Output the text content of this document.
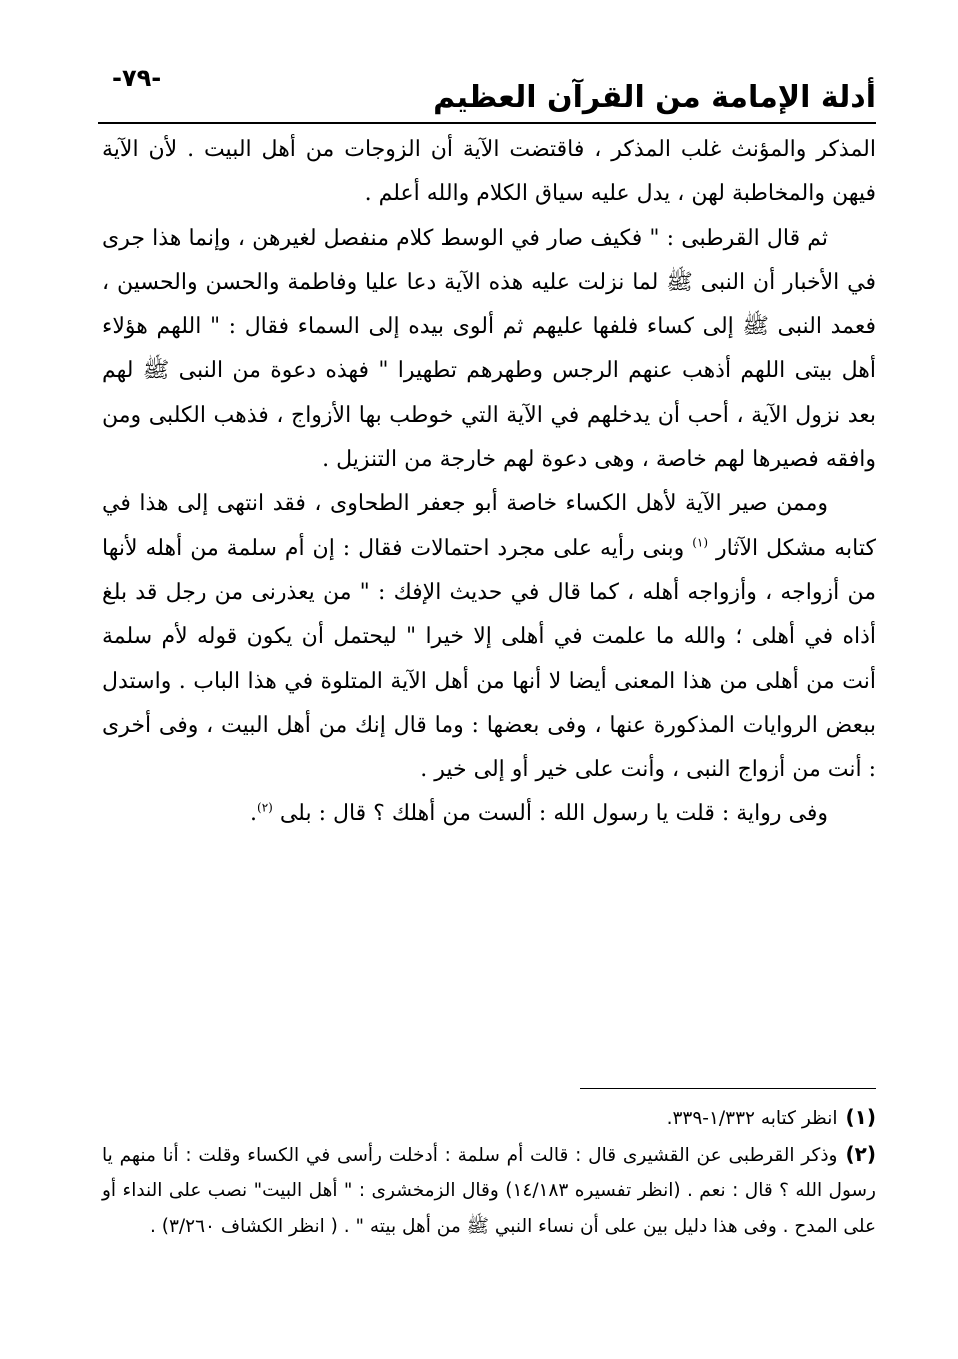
-٧٩-
أدلة الإمامة من القرآن العظيم

المذكر والمؤنث غلب المذكر ، فاقتضت الآية أن الزوجات من أهل البيت . لأن الآية فيهن والمخاطبة لهن ، يدل عليه سياق الكلام والله أعلم .

ثم قال القرطبى : " فكيف صار في الوسط كلام منفصل لغيرهن ، وإنما هذا جرى في الأخبار أن النبى ﷺ لما نزلت عليه هذه الآية دعا عليا وفاطمة والحسن والحسين ، فعمد النبى ﷺ إلى كساء فلفها عليهم ثم ألوى بيده إلى السماء فقال : " اللهم هؤلاء أهل بيتى اللهم أذهب عنهم الرجس وطهرهم تطهيرا " فهذه دعوة من النبى ﷺ لهم بعد نزول الآية ، أحب أن يدخلهم في الآية التي خوطب بها الأزواج ، فذهب الكلبى ومن وافقه فصيرها لهم خاصة ، وهى دعوة لهم خارجة من التنزيل .

وممن صير الآية لأهل الكساء خاصة أبو جعفر الطحاوى ، فقد انتهى إلى هذا في كتابه مشكل الآثار $^{(١)}$ وبنى رأيه على مجرد احتمالات فقال : إن أم سلمة من أهله لأنها من أزواجه ، وأزواجه أهله ، كما قال في حديث الإفك : " من يعذرنى من رجل قد بلغ أذاه في أهلى ؛ والله ما علمت في أهلى إلا خيرا " ليحتمل أن يكون قوله لأم سلمة أنت من أهلى من هذا المعنى أيضا لا أنها من أهل الآية المتلوة في هذا الباب . واستدل ببعض الروايات المذكورة عنها ، وفى بعضها : وما قال إنك من أهل البيت ، وفى أخرى : أنت من أزواج النبى ، وأنت على خير أو إلى خير .

وفى رواية : قلت يا رسول الله : ألست من أهلك ؟ قال : بلى $^{(٢)}$.

(١)انظر كتابه ١/٣٣٢-٣٣٩.

(٢)وذكر القرطبى عن القشيرى قال : قالت أم سلمة : أدخلت رأسى في الكساء وقلت : أنا منهم يا رسول الله ؟ قال : نعم . (انظر تفسيره ١٤/١٨٣) وقال الزمخشرى : " أهل البيت" نصب على النداء أو على المدح . وفى هذا دليل بين على أن نساء النبي ﷺ من أهل بيته " . ( انظر الكشاف ٣/٢٦٠) .
